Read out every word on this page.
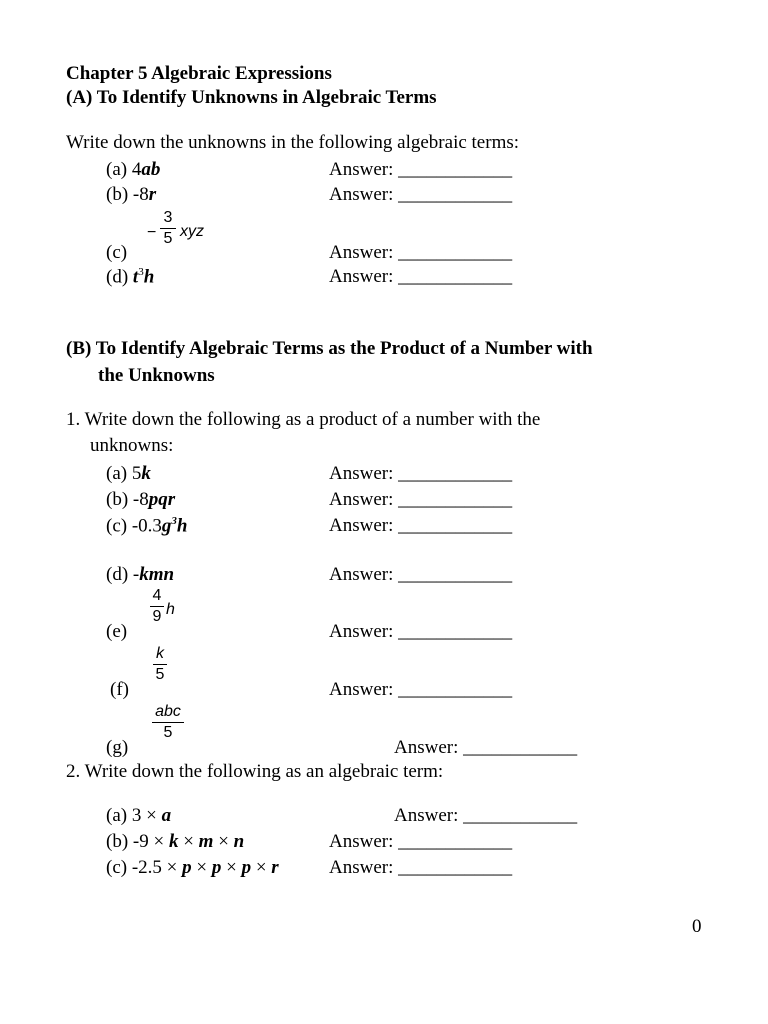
Chapter 5 Algebraic Expressions
(A) To Identify Unknowns in Algebraic Terms
Write down the unknowns in the following algebraic terms:
(a) 4ab	Answer: ____________
(b) -8r	Answer: ____________
−
3
5 xyz
(c)	Answer: ____________
(d) $t^3h$	Answer: ____________
(B) To Identify Algebraic Terms as the Product of a Number with
the Unknowns
1. Write down the following as a product of a number with the
unknowns:
(a) 5k	Answer: ____________
(b) -8pqr	Answer: ____________
(c) $-0.3g^3h$	Answer: ____________
(d) -kmn	Answer: ____________
4
9 h
(e)	Answer: ____________
k
5
(f)	Answer: ____________
abc
5
(g)	Answer: ____________
2. Write down the following as an algebraic term:
(a) 3 × a	Answer: ____________
(b) -9 × k × m × n	Answer: ____________
(c) -2.5 × p × p × p × r	Answer: ____________
0
